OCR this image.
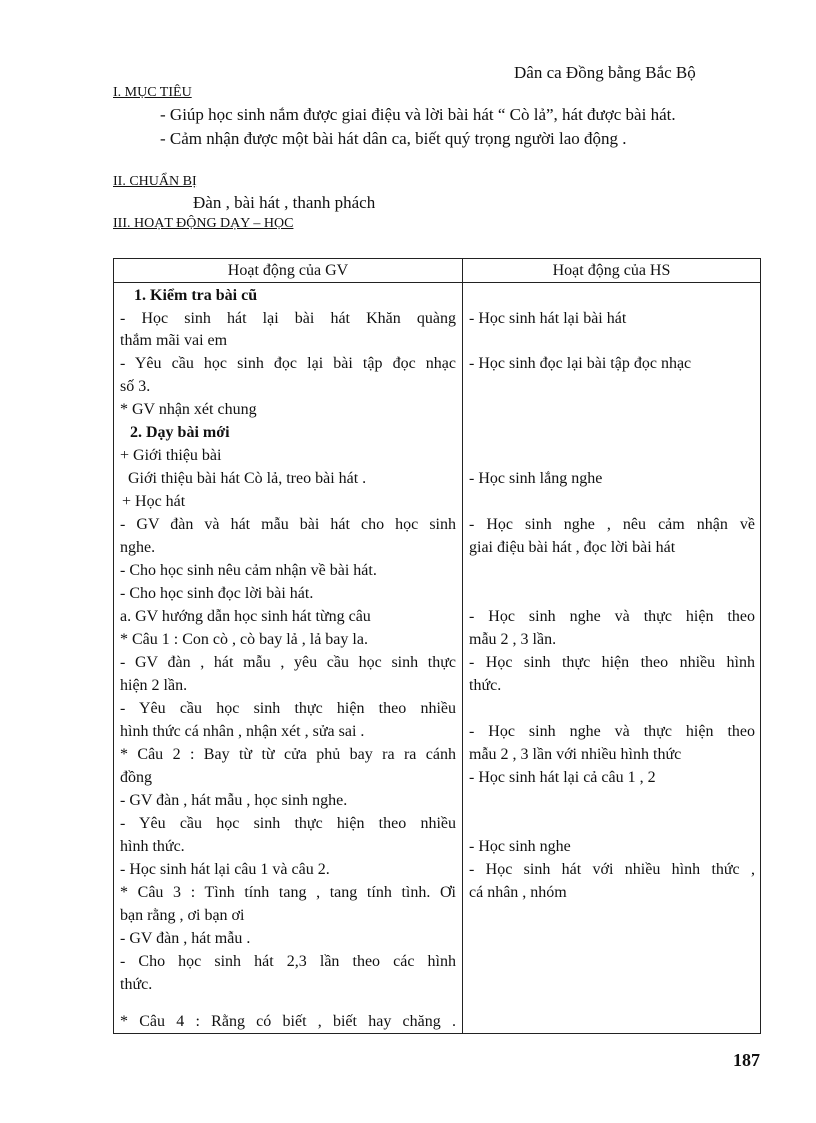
Dân ca Đồng bằng Bắc Bộ
I. MỤC TIÊU
- Giúp học sinh nắm được giai điệu và lời bài hát “ Cò lả”, hát được bài hát.
- Cảm nhận được một bài hát dân ca, biết quý trọng người lao động .
II. CHUẨN BỊ
Đàn , bài hát , thanh phách
III. HOẠT ĐỘNG DẠY – HỌC
Hoạt động của GV	Hoạt động của HS
1. Kiểm tra bài cũ
- Học sinh hát lại bài hát Khăn quàng
thắm mãi vai em
- Yêu cầu học sinh đọc lại bài tập đọc nhạc
số 3.
* GV nhận xét chung
2. Dạy bài mới
+ Giới thiệu bài
Giới thiệu bài hát Cò lả, treo bài hát .
+ Học hát
- GV đàn và hát mẫu bài hát cho học sinh
nghe.
- Cho học sinh nêu cảm nhận về bài hát.
- Cho học sinh đọc lời bài hát.
a. GV hướng dẫn học sinh hát từng câu
* Câu 1 : Con cò , cò bay lả , lả bay la.
- GV đàn , hát mẫu , yêu cầu học sinh thực
hiện 2 lần.
- Yêu cầu học sinh thực hiện theo nhiều
hình thức cá nhân , nhận xét , sửa sai .
* Câu 2 : Bay từ từ cửa phủ bay ra ra cánh
đồng
- GV đàn , hát mẫu , học sinh nghe.
- Yêu cầu học sinh thực hiện theo nhiều
hình thức.
- Học sinh hát lại câu 1 và câu 2.
* Câu 3 : Tình tính tang , tang tính tình. Ơi
bạn rằng , ơi bạn ơi
- GV đàn , hát mẫu .
- Cho học sinh hát 2,3 lần theo các hình
thức.
* Câu 4 : Rằng có biết , biết hay chăng .
- Học sinh hát lại bài hát
- Học sinh đọc lại bài tập đọc nhạc
- Học sinh lắng nghe
- Học sinh nghe , nêu cảm nhận về
giai điệu bài hát , đọc lời bài hát
- Học sinh nghe và thực hiện theo
mẫu 2 , 3 lần.
- Học sinh thực hiện theo nhiều hình
thức.
- Học sinh nghe và thực hiện theo
mẫu 2 , 3 lần với nhiều hình thức
- Học sinh hát lại cả câu 1 , 2
- Học sinh nghe
- Học sinh hát với nhiều hình thức ,
cá nhân , nhóm
187
